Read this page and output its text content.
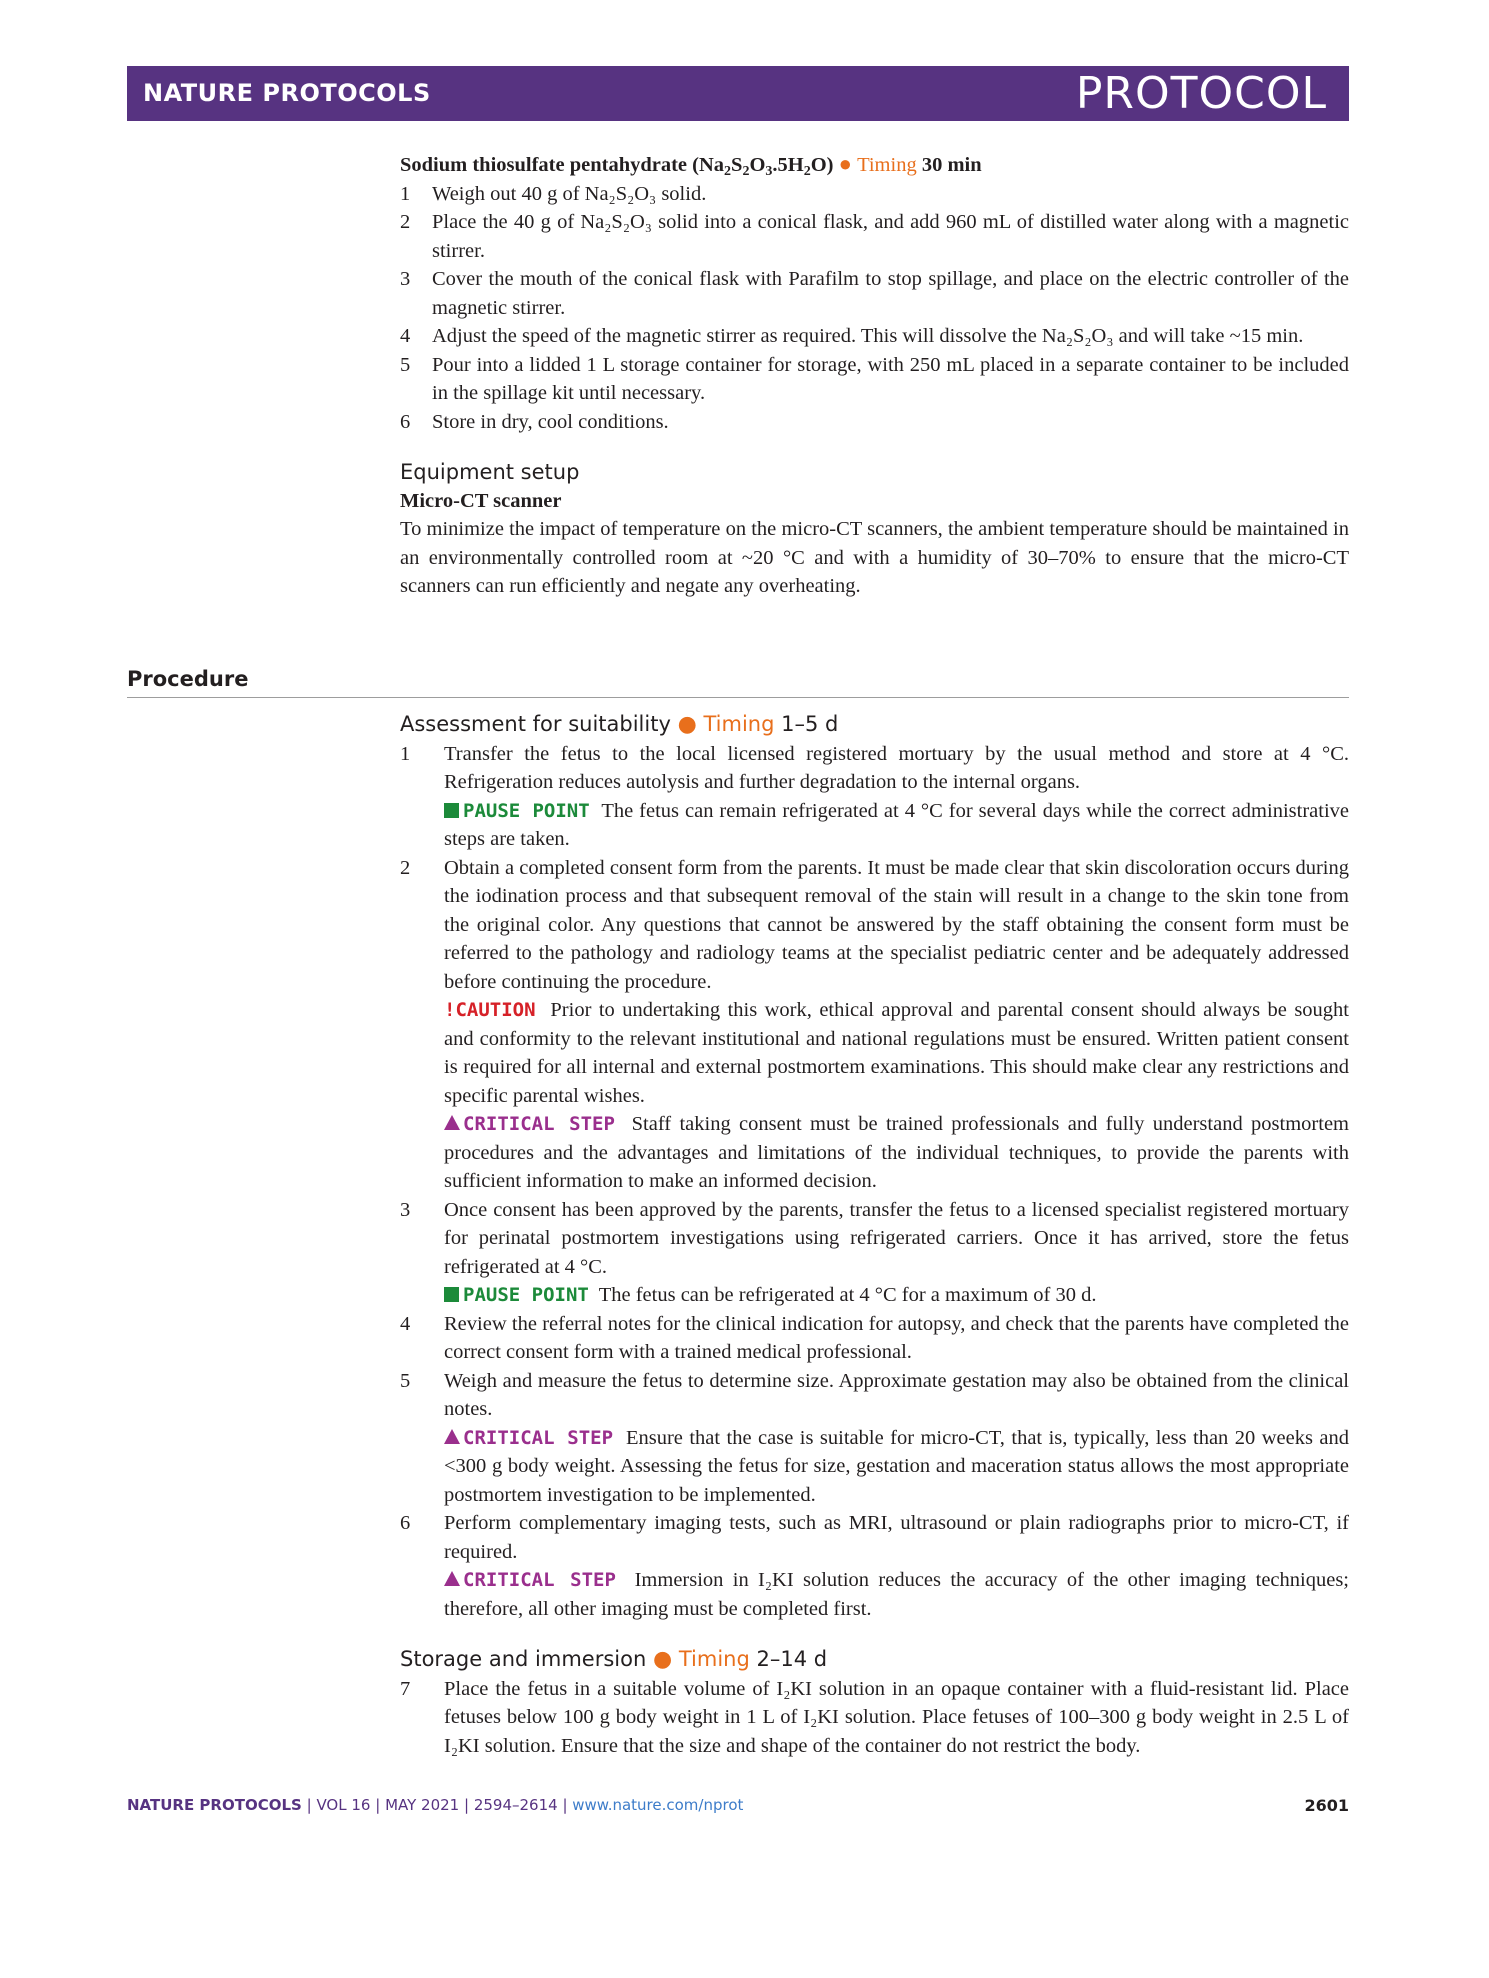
NATURE PROTOCOLS	PROTOCOL
Sodium thiosulfate pentahydrate $(Na_2S_2O_3.5H_2O)$ ● Timing 30 min
1 Weigh out 40 g of Na₂S₂O₃ solid.
2 Place the 40 g of Na₂S₂O₃ solid into a conical flask, and add 960 mL of distilled water along with a magnetic stirrer.
3 Cover the mouth of the conical flask with Parafilm to stop spillage, and place on the electric controller of the magnetic stirrer.
4 Adjust the speed of the magnetic stirrer as required. This will dissolve the Na₂S₂O₃ and will take ~15 min.
5 Pour into a lidded 1 L storage container for storage, with 250 mL placed in a separate container to be included in the spillage kit until necessary.
6 Store in dry, cool conditions.
Equipment setup
Micro-CT scanner
To minimize the impact of temperature on the micro-CT scanners, the ambient temperature should be maintained in an environmentally controlled room at ~20 °C and with a humidity of 30–70% to ensure that the micro-CT scanners can run efficiently and negate any overheating.
Procedure
Assessment for suitability ● Timing 1–5 d
1 Transfer the fetus to the local licensed registered mortuary by the usual method and store at 4 °C. Refrigeration reduces autolysis and further degradation to the internal organs.
PAUSE POINT The fetus can remain refrigerated at 4 °C for several days while the correct administrative steps are taken.
2 Obtain a completed consent form from the parents. It must be made clear that skin discoloration occurs during the iodination process and that subsequent removal of the stain will result in a change to the skin tone from the original color. Any questions that cannot be answered by the staff obtaining the consent form must be referred to the pathology and radiology teams at the specialist pediatric center and be adequately addressed before continuing the procedure.
!CAUTION Prior to undertaking this work, ethical approval and parental consent should always be sought and conformity to the relevant institutional and national regulations must be ensured. Written patient consent is required for all internal and external postmortem examinations. This should make clear any restrictions and specific parental wishes.
CRITICAL STEP Staff taking consent must be trained professionals and fully understand postmortem procedures and the advantages and limitations of the individual techniques, to provide the parents with sufficient information to make an informed decision.
3 Once consent has been approved by the parents, transfer the fetus to a licensed specialist registered mortuary for perinatal postmortem investigations using refrigerated carriers. Once it has arrived, store the fetus refrigerated at 4 °C.
PAUSE POINT The fetus can be refrigerated at 4 °C for a maximum of 30 d.
4 Review the referral notes for the clinical indication for autopsy, and check that the parents have completed the correct consent form with a trained medical professional.
5 Weigh and measure the fetus to determine size. Approximate gestation may also be obtained from the clinical notes.
CRITICAL STEP Ensure that the case is suitable for micro-CT, that is, typically, less than 20 weeks and <300 g body weight. Assessing the fetus for size, gestation and maceration status allows the most appropriate postmortem investigation to be implemented.
6 Perform complementary imaging tests, such as MRI, ultrasound or plain radiographs prior to micro-CT, if required.
CRITICAL STEP Immersion in I₂KI solution reduces the accuracy of the other imaging techniques; therefore, all other imaging must be completed first.
Storage and immersion ● Timing 2–14 d
7 Place the fetus in a suitable volume of I₂KI solution in an opaque container with a fluid-resistant lid. Place fetuses below 100 g body weight in 1 L of I₂KI solution. Place fetuses of 100–300 g body weight in 2.5 L of I₂KI solution. Ensure that the size and shape of the container do not restrict the body.
NATURE PROTOCOLS | VOL 16 | MAY 2021 | 2594–2614 | www.nature.com/nprot	2601
